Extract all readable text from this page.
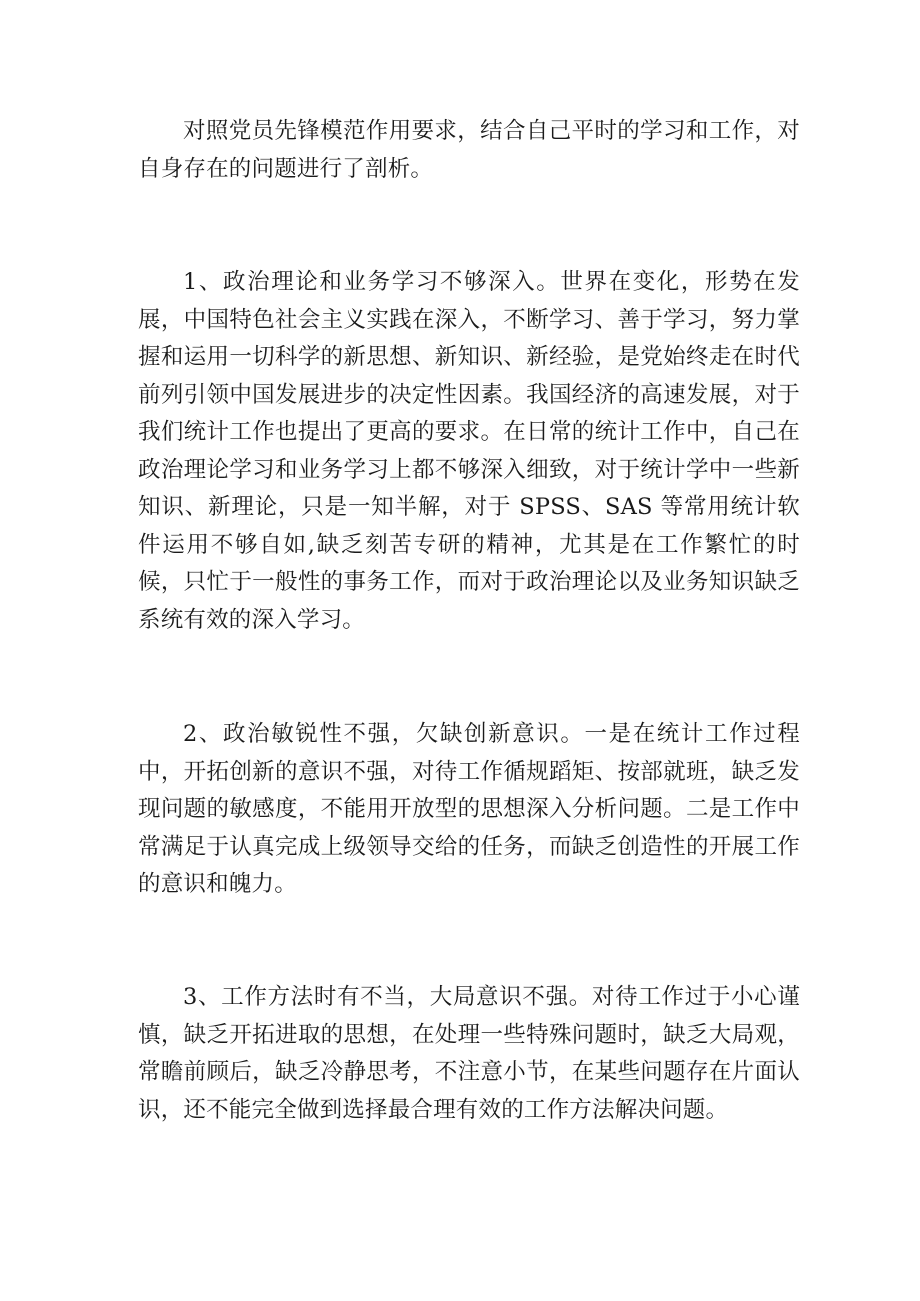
对照党员先锋模范作用要求，结合自己平时的学习和工作，对自身存在的问题进行了剖析。

1、政治理论和业务学习不够深入。世界在变化，形势在发展，中国特色社会主义实践在深入，不断学习、善于学习，努力掌握和运用一切科学的新思想、新知识、新经验，是党始终走在时代前列引领中国发展进步的决定性因素。我国经济的高速发展，对于我们统计工作也提出了更高的要求。在日常的统计工作中，自己在政治理论学习和业务学习上都不够深入细致，对于统计学中一些新知识、新理论，只是一知半解，对于 SPSS、SAS 等常用统计软件运用不够自如,缺乏刻苦专研的精神，尤其是在工作繁忙的时候，只忙于一般性的事务工作，而对于政治理论以及业务知识缺乏系统有效的深入学习。

2、政治敏锐性不强，欠缺创新意识。一是在统计工作过程中，开拓创新的意识不强，对待工作循规蹈矩、按部就班，缺乏发现问题的敏感度，不能用开放型的思想深入分析问题。二是工作中常满足于认真完成上级领导交给的任务，而缺乏创造性的开展工作的意识和魄力。

3、工作方法时有不当，大局意识不强。对待工作过于小心谨慎，缺乏开拓进取的思想，在处理一些特殊问题时，缺乏大局观，常瞻前顾后，缺乏冷静思考，不注意小节，在某些问题存在片面认识，还不能完全做到选择最合理有效的工作方法解决问题。
